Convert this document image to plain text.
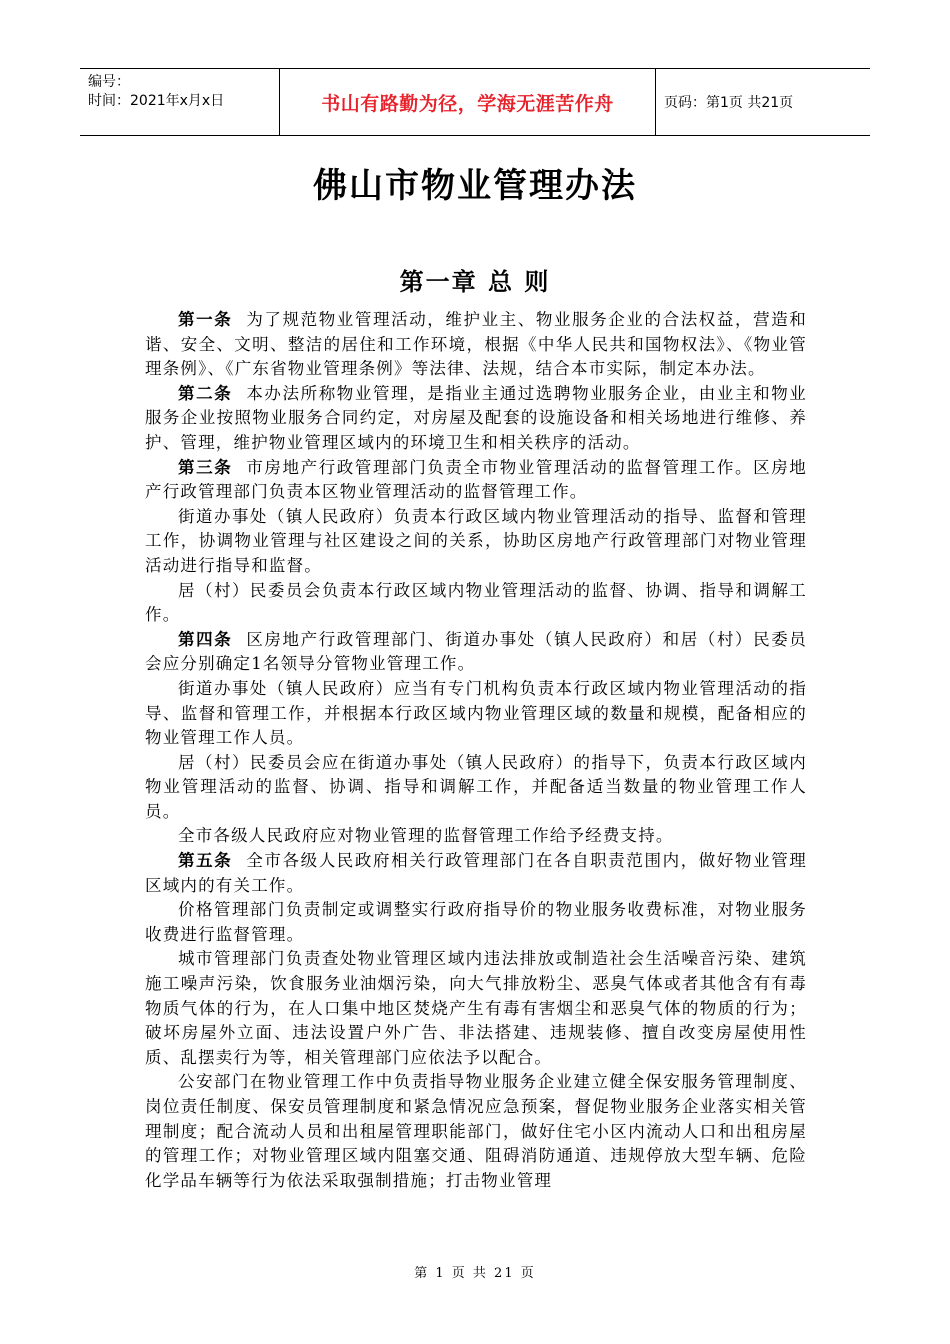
编号：
时间：2021年x月x日	书山有路勤为径，学海无涯苦作舟	页码：第1页 共21页
佛山市物业管理办法
第一章 总 则

第一条 为了规范物业管理活动，维护业主、物业服务企业的合法权益，营造和谐、安全、文明、整洁的居住和工作环境，根据《中华人民共和国物权法》、《物业管理条例》、《广东省物业管理条例》等法律、法规，结合本市实际，制定本办法。

第二条 本办法所称物业管理，是指业主通过选聘物业服务企业，由业主和物业服务企业按照物业服务合同约定，对房屋及配套的设施设备和相关场地进行维修、养护、管理，维护物业管理区域内的环境卫生和相关秩序的活动。

第三条 市房地产行政管理部门负责全市物业管理活动的监督管理工作。区房地产行政管理部门负责本区物业管理活动的监督管理工作。

街道办事处（镇人民政府）负责本行政区域内物业管理活动的指导、监督和管理工作，协调物业管理与社区建设之间的关系，协助区房地产行政管理部门对物业管理活动进行指导和监督。

居（村）民委员会负责本行政区域内物业管理活动的监督、协调、指导和调解工作。

第四条 区房地产行政管理部门、街道办事处（镇人民政府）和居（村）民委员会应分别确定1名领导分管物业管理工作。

街道办事处（镇人民政府）应当有专门机构负责本行政区域内物业管理活动的指导、监督和管理工作，并根据本行政区域内物业管理区域的数量和规模，配备相应的物业管理工作人员。

居（村）民委员会应在街道办事处（镇人民政府）的指导下，负责本行政区域内物业管理活动的监督、协调、指导和调解工作，并配备适当数量的物业管理工作人员。

全市各级人民政府应对物业管理的监督管理工作给予经费支持。

第五条 全市各级人民政府相关行政管理部门在各自职责范围内，做好物业管理区域内的有关工作。

价格管理部门负责制定或调整实行政府指导价的物业服务收费标准，对物业服务收费进行监督管理。

城市管理部门负责查处物业管理区域内违法排放或制造社会生活噪音污染、建筑施工噪声污染，饮食服务业油烟污染，向大气排放粉尘、恶臭气体或者其他含有有毒物质气体的行为，在人口集中地区焚烧产生有毒有害烟尘和恶臭气体的物质的行为；破坏房屋外立面、违法设置户外广告、非法搭建、违规装修、擅自改变房屋使用性质、乱摆卖行为等，相关管理部门应依法予以配合。

公安部门在物业管理工作中负责指导物业服务企业建立健全保安服务管理制度、岗位责任制度、保安员管理制度和紧急情况应急预案，督促物业服务企业落实相关管理制度；配合流动人员和出租屋管理职能部门，做好住宅小区内流动人口和出租房屋的管理工作；对物业管理区域内阻塞交通、阻碍消防通道、违规停放大型车辆、危险化学品车辆等行为依法采取强制措施；打击物业管理

第 1 页 共 21 页
